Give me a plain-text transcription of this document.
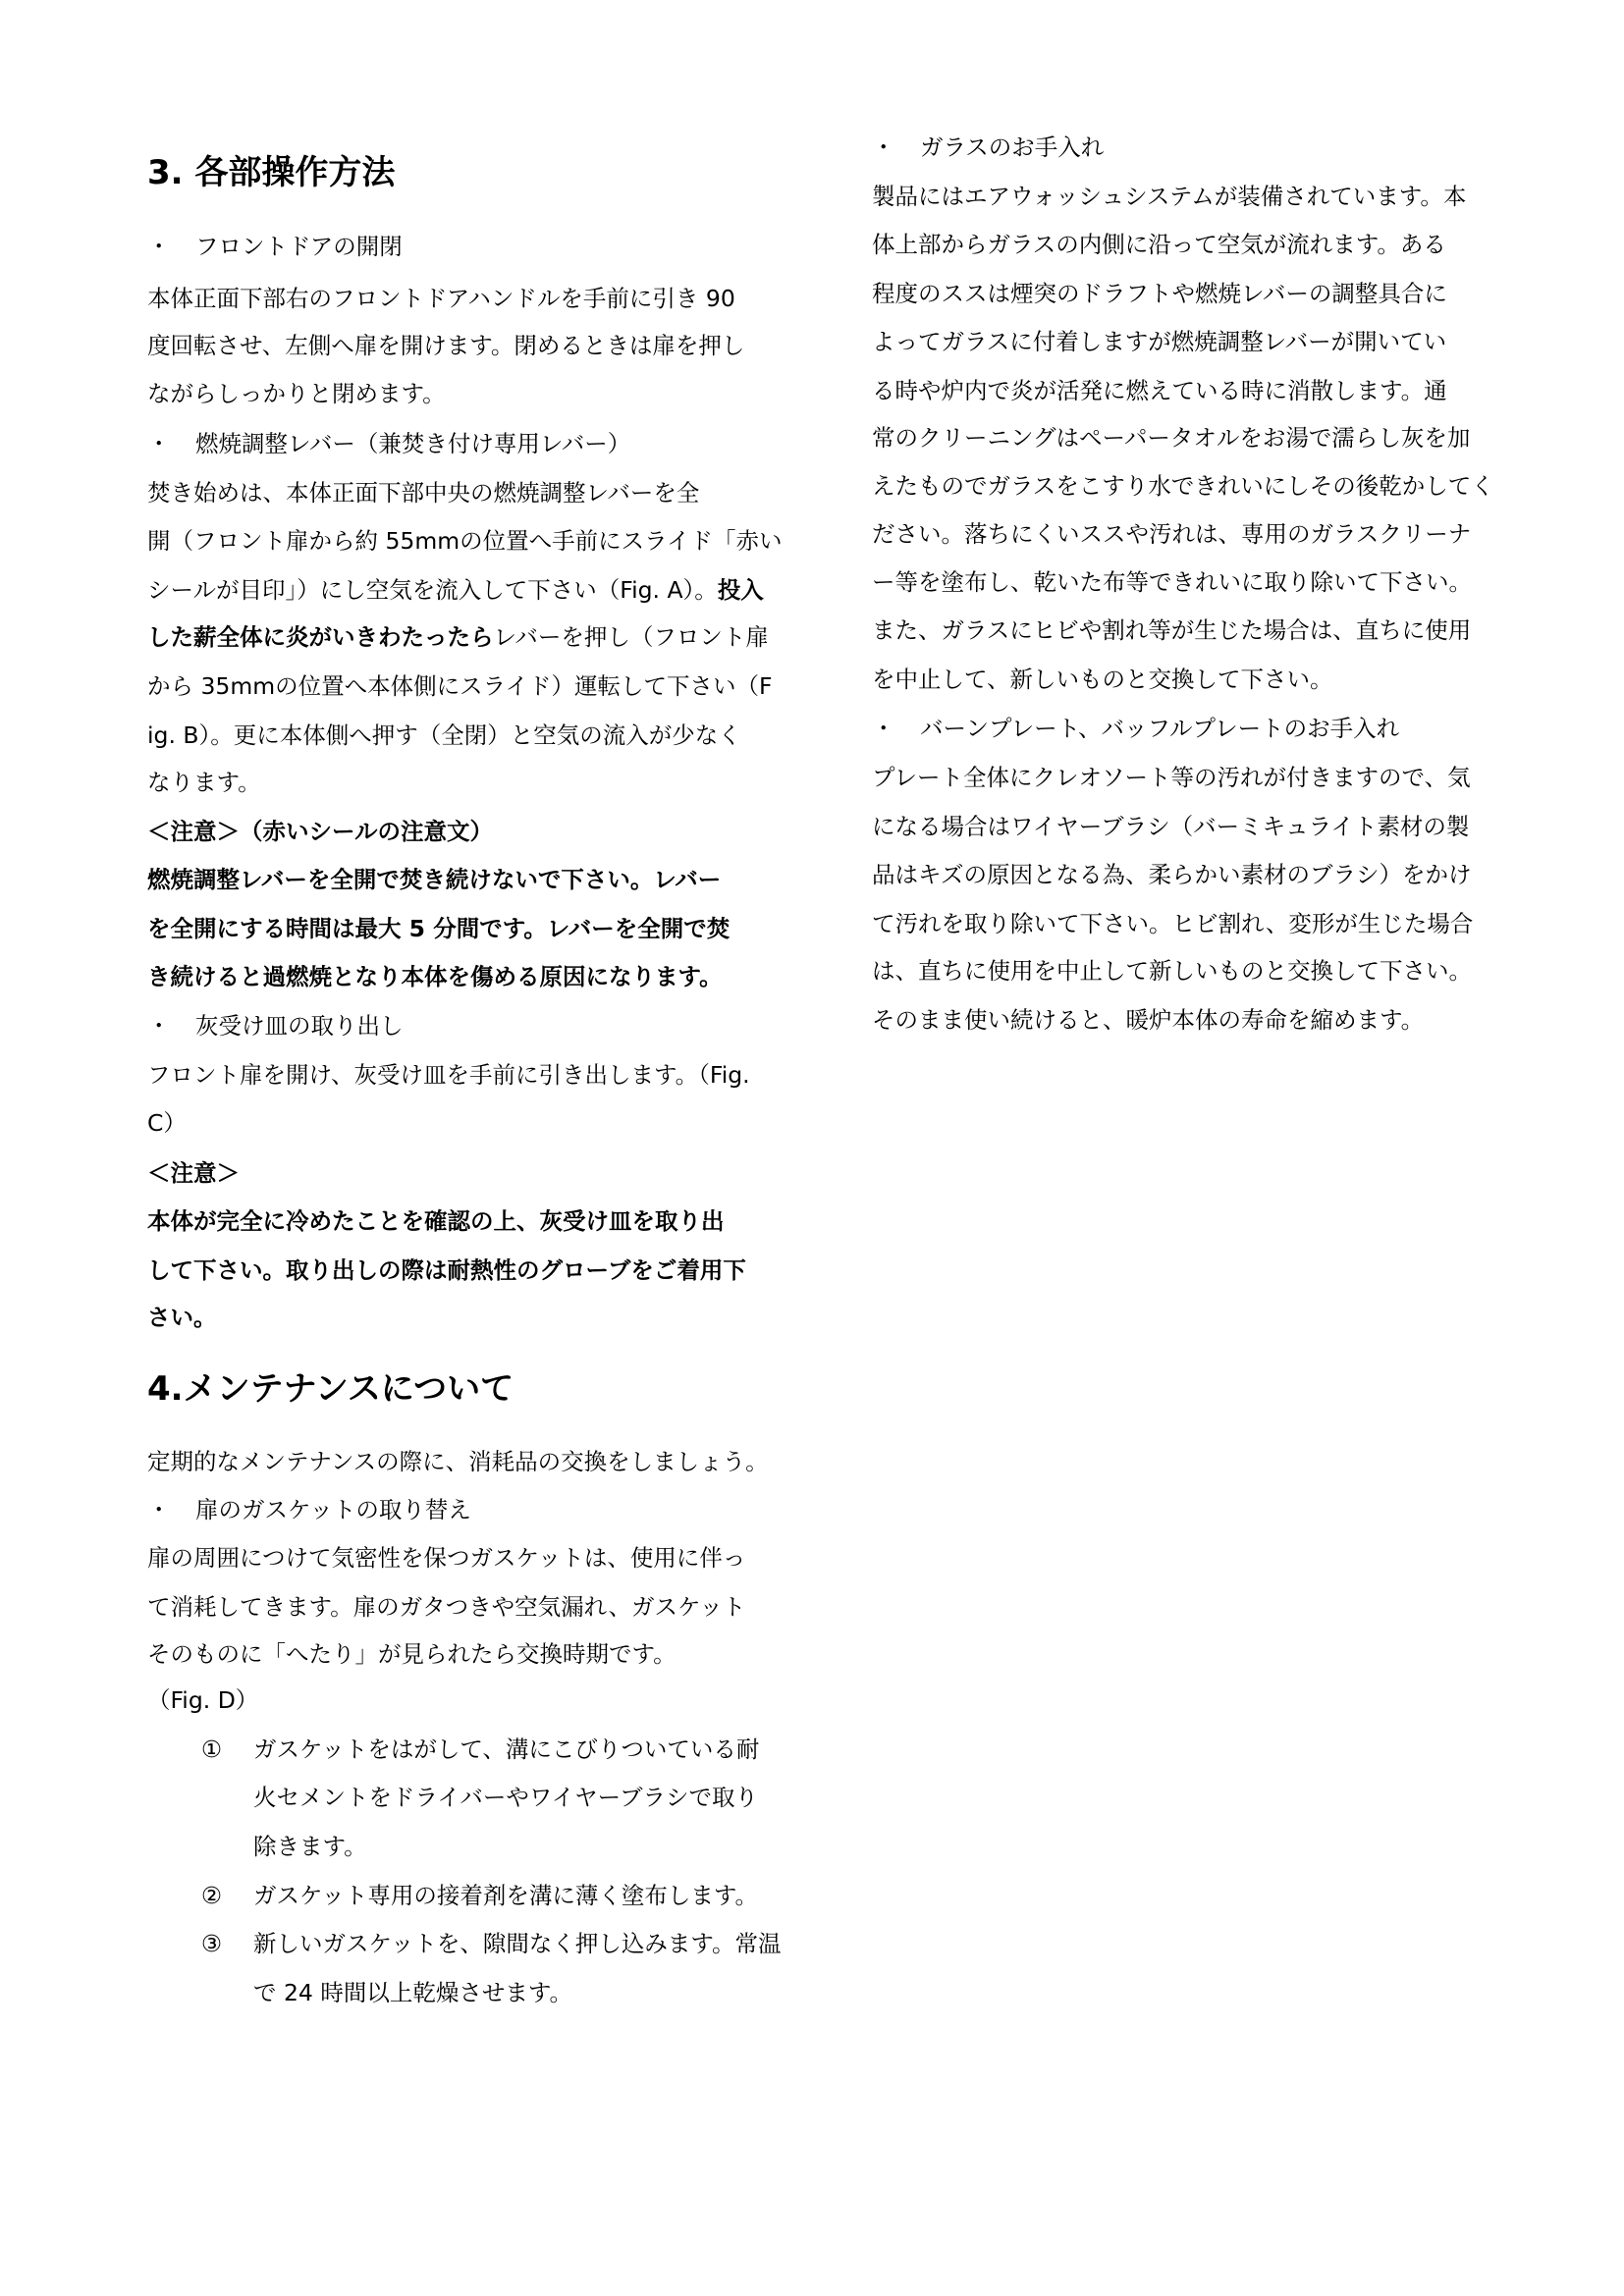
3. 各部操作方法
・ フロントドアの開閉
本体正面下部右のフロントドアハンドルを手前に引き 90
度回転させ、左側へ扉を開けます。閉めるときは扉を押し
ながらしっかりと閉めます。
・ 燃焼調整レバー（兼焚き付け専用レバー）
焚き始めは、本体正面下部中央の燃焼調整レバーを全
開（フロント扉から約 55mmの位置へ手前にスライド「赤い
シールが目印」）にし空気を流入して下さい（Fig. A）。投入
した薪全体に炎がいきわたったらレバーを押し（フロント扉
から 35mmの位置へ本体側にスライド）運転して下さい（F
ig. B）。更に本体側へ押す（全閉）と空気の流入が少なく
なります。
＜注意＞（赤いシールの注意文）
燃焼調整レバーを全開で焚き続けないで下さい。レバー
を全開にする時間は最大 5 分間です。レバーを全開で焚
き続けると過燃焼となり本体を傷める原因になります。
・ 灰受け皿の取り出し
フロント扉を開け、灰受け皿を手前に引き出します。（Fig.
C）
＜注意＞
本体が完全に冷めたことを確認の上、灰受け皿を取り出
して下さい。取り出しの際は耐熱性のグローブをご着用下
さい。
4.メンテナンスについて
定期的なメンテナンスの際に、消耗品の交換をしましょう。
・ 扉のガスケットの取り替え
扉の周囲につけて気密性を保つガスケットは、使用に伴っ
て消耗してきます。扉のガタつきや空気漏れ、ガスケット
そのものに「へたり」が見られたら交換時期です。
（Fig. D）
① ガスケットをはがして、溝にこびりついている耐
火セメントをドライバーやワイヤーブラシで取り
除きます。
② ガスケット専用の接着剤を溝に薄く塗布します。
③ 新しいガスケットを、隙間なく押し込みます。常温
で 24 時間以上乾燥させます。
・ ガラスのお手入れ
製品にはエアウォッシュシステムが装備されています。本
体上部からガラスの内側に沿って空気が流れます。ある
程度のススは煙突のドラフトや燃焼レバーの調整具合に
よってガラスに付着しますが燃焼調整レバーが開いてい
る時や炉内で炎が活発に燃えている時に消散します。通
常のクリーニングはペーパータオルをお湯で濡らし灰を加
えたものでガラスをこすり水できれいにしその後乾かしてく
ださい。落ちにくいススや汚れは、専用のガラスクリーナ
ー等を塗布し、乾いた布等できれいに取り除いて下さい。
また、ガラスにヒビや割れ等が生じた場合は、直ちに使用
を中止して、新しいものと交換して下さい。
・ バーンプレート、バッフルプレートのお手入れ
プレート全体にクレオソート等の汚れが付きますので、気
になる場合はワイヤーブラシ（バーミキュライト素材の製
品はキズの原因となる為、柔らかい素材のブラシ）をかけ
て汚れを取り除いて下さい。ヒビ割れ、変形が生じた場合
は、直ちに使用を中止して新しいものと交換して下さい。
そのまま使い続けると、暖炉本体の寿命を縮めます。
